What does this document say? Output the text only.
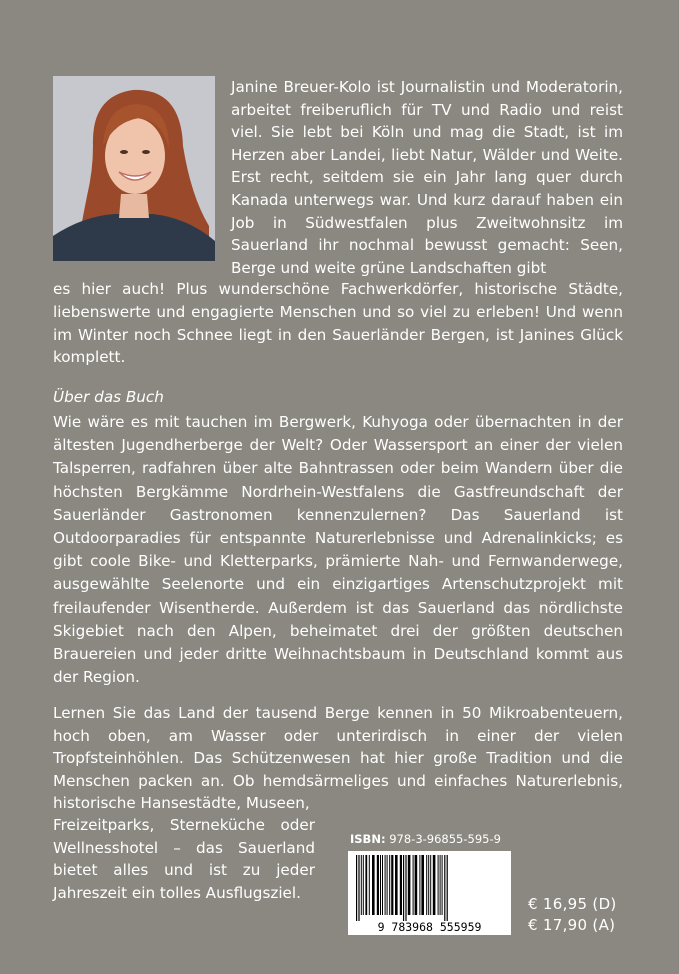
Janine Breuer-Kolo ist Journalistin und Moderatorin, arbeitet freiberuflich für TV und Radio und reist viel. Sie lebt bei Köln und mag die Stadt, ist im Herzen aber Landei, liebt Natur, Wälder und Weite. Erst recht, seitdem sie ein Jahr lang quer durch Kanada unterwegs war. Und kurz darauf haben ein Job in Südwestfalen plus Zweitwohnsitz im Sauerland ihr nochmal bewusst gemacht: Seen, Berge und weite grüne Landschaften gibt

es hier auch! Plus wunderschöne Fachwerkdörfer, historische Städte, liebenswerte und engagierte Menschen und so viel zu erleben! Und wenn im Winter noch Schnee liegt in den Sauerländer Bergen, ist Janines Glück komplett.

Über das Buch

Wie wäre es mit tauchen im Bergwerk, Kuhyoga oder übernachten in der ältesten Jugendherberge der Welt? Oder Wassersport an einer der vielen Talsperren, radfahren über alte Bahntrassen oder beim Wandern über die höchsten Bergkämme Nordrhein-Westfalens die Gastfreundschaft der Sauerländer Gastronomen kennenzulernen? Das Sauerland ist Outdoorparadies für entspannte Naturerlebnisse und Adrenalinkicks; es gibt coole Bike- und Kletterparks, prämierte Nah- und Fernwanderwege, ausgewählte Seelenorte und ein einzigartiges Artenschutzprojekt mit freilaufender Wisentherde. Außerdem ist das Sauerland das nördlichste Skigebiet nach den Alpen, beheimatet drei der größten deutschen Brauereien und jeder dritte Weihnachtsbaum in Deutschland kommt aus der Region.

Lernen Sie das Land der tausend Berge kennen in 50 Mikroabenteuern, hoch oben, am Wasser oder unterirdisch in einer der vielen Tropfsteinhöhlen. Das Schützenwesen hat hier große Tradition und die Menschen packen an. Ob hemdsärmeliges und einfaches Naturerlebnis, historische Hansestädte, Museen,

Freizeitparks, Sterneküche oder Wellnesshotel – das Sauerland bietet alles und ist zu jeder Jahreszeit ein tolles Ausflugsziel.

ISBN: 978-3-96855-595-9
9 783968 555959
€ 16,95 (D)
€ 17,90 (A)
